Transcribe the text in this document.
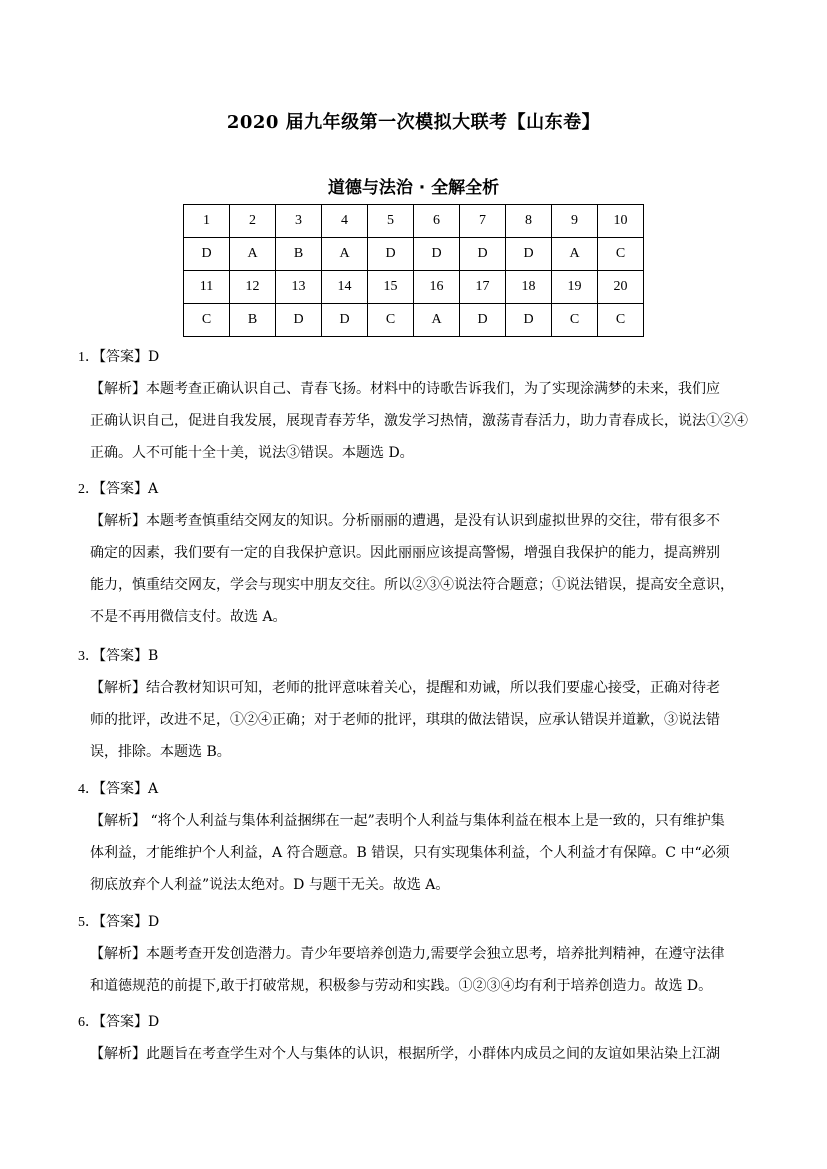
2020 届九年级第一次模拟大联考【山东卷】
道德与法治 · 全解全析
1	2	3	4	5	6	7	8	9	10
D	A	B	A	D	D	D	D	A	C
11	12	13	14	15	16	17	18	19	20
C	B	D	D	C	A	D	D	C	C
1．【答案】D
【解析】本题考查正确认识自己、青春飞扬。材料中的诗歌告诉我们，为了实现涂满梦的未来，我们应
正确认识自己，促进自我发展，展现青春芳华，激发学习热情，激荡青春活力，助力青春成长，说法①②④
正确。人不可能十全十美，说法③错误。本题选 D。
2．【答案】A
【解析】本题考查慎重结交网友的知识。分析丽丽的遭遇，是没有认识到虚拟世界的交往，带有很多不
确定的因素，我们要有一定的自我保护意识。因此丽丽应该提高警惕，增强自我保护的能力，提高辨别
能力，慎重结交网友，学会与现实中朋友交往。所以②③④说法符合题意；①说法错误，提高安全意识，
不是不再用微信支付。故选 A。
3．【答案】B
【解析】结合教材知识可知，老师的批评意味着关心，提醒和劝诫，所以我们要虚心接受，正确对待老
师的批评，改进不足，①②④正确；对于老师的批评，琪琪的做法错误，应承认错误并道歉，③说法错
误，排除。本题选 B。
4．【答案】A
【解析】 “将个人利益与集体利益捆绑在一起”表明个人利益与集体利益在根本上是一致的，只有维护集
体利益，才能维护个人利益，A 符合题意。B 错误，只有实现集体利益，个人利益才有保障。C 中“必须
彻底放弃个人利益”说法太绝对。D 与题干无关。故选 A。
5．【答案】D
【解析】本题考查开发创造潜力。青少年要培养创造力,需要学会独立思考，培养批判精神，在遵守法律
和道德规范的前提下,敢于打破常规，积极参与劳动和实践。①②③④均有利于培养创造力。故选 D。
6．【答案】D
【解析】此题旨在考查学生对个人与集体的认识，根据所学，小群体内成员之间的友谊如果沾染上江湖
